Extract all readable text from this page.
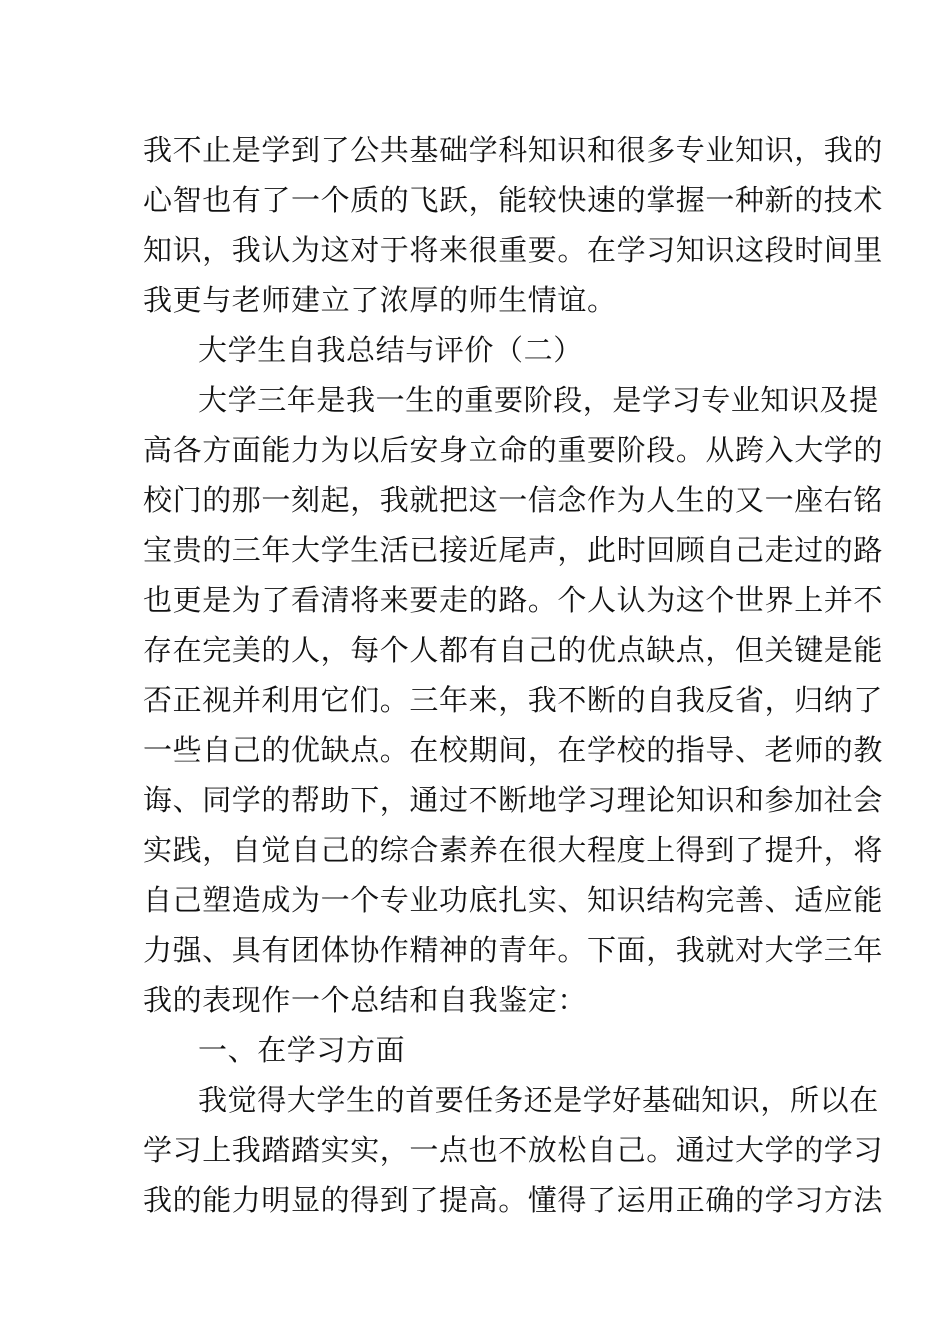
我不止是学到了公共基础学科知识和很多专业知识，我的
心智也有了一个质的飞跃，能较快速的掌握一种新的技术
知识，我认为这对于将来很重要。在学习知识这段时间里
我更与老师建立了浓厚的师生情谊。
大学生自我总结与评价（二）
大学三年是我一生的重要阶段，是学习专业知识及提
高各方面能力为以后安身立命的重要阶段。从跨入大学的
校门的那一刻起，我就把这一信念作为人生的又一座右铭
宝贵的三年大学生活已接近尾声，此时回顾自己走过的路
也更是为了看清将来要走的路。个人认为这个世界上并不
存在完美的人，每个人都有自己的优点缺点，但关键是能
否正视并利用它们。三年来，我不断的自我反省，归纳了
一些自己的优缺点。在校期间，在学校的指导、老师的教
诲、同学的帮助下，通过不断地学习理论知识和参加社会
实践，自觉自己的综合素养在很大程度上得到了提升，将
自己塑造成为一个专业功底扎实、知识结构完善、适应能
力强、具有团体协作精神的青年。下面，我就对大学三年
我的表现作一个总结和自我鉴定：
一、在学习方面
我觉得大学生的首要任务还是学好基础知识，所以在
学习上我踏踏实实，一点也不放松自己。通过大学的学习
我的能力明显的得到了提高。懂得了运用正确的学习方法
